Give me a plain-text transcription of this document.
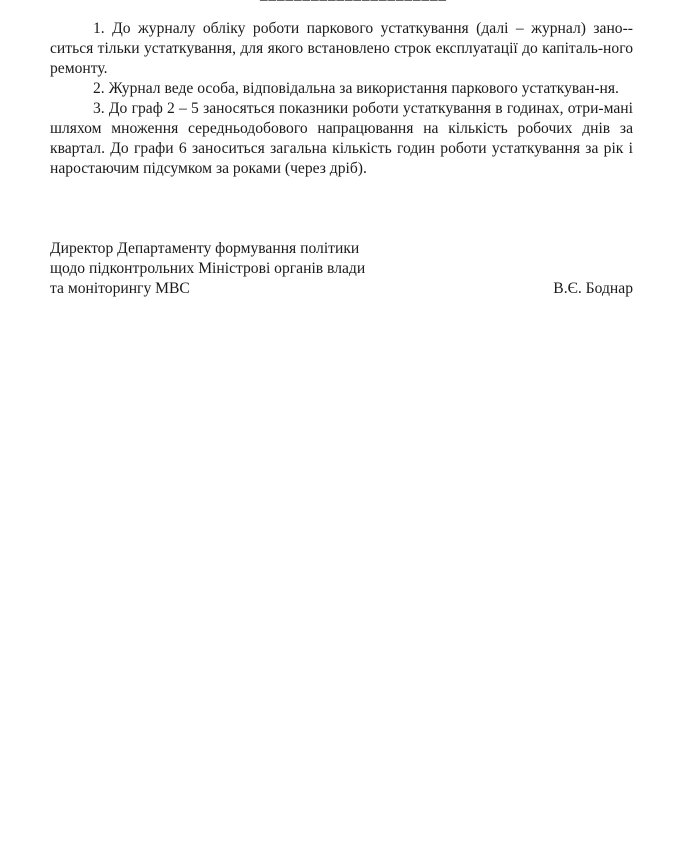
1. До журналу обліку роботи паркового устаткування (далі – журнал) зано-ситься тільки устаткування, для якого встановлено строк експлуатації до капіталь-ного ремонту.

2. Журнал веде особа, відповідальна за використання паркового устаткуван-ня.

3. До граф 2 – 5 заносяться показники роботи устаткування в годинах, отри-мані шляхом множення середньодобового напрацювання на кількість робочих днів за квартал. До графи 6 заноситься загальна кількість годин роботи устаткування за рік і наростаючим підсумком за роками (через дріб).

Директор Департаменту формування політики
щодо підконтрольних Міністрові органів влади
та моніторингу МВС	В.Є. Боднар
